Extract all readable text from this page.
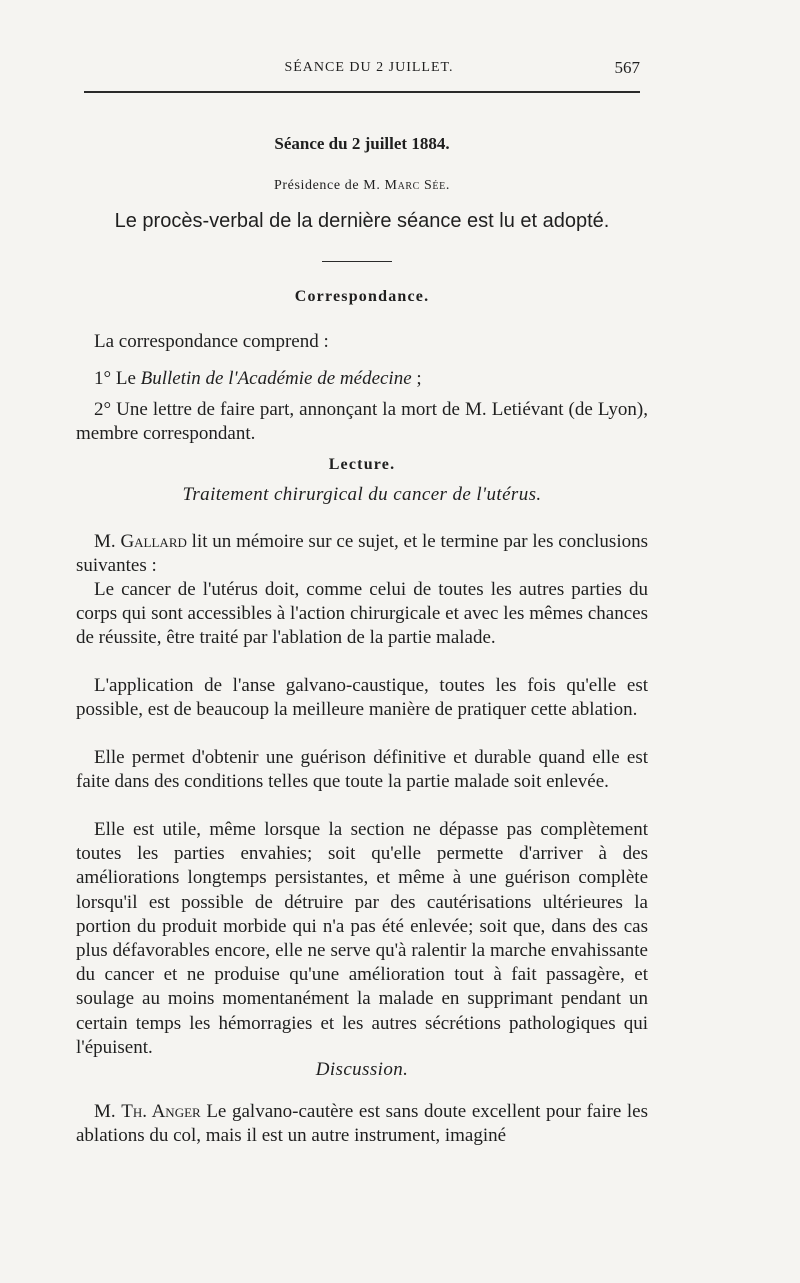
SÉANCE DU 2 JUILLET.	567
Séance du 2 juillet 1884.
Présidence de M. Marc Sée.
Le procès-verbal de la dernière séance est lu et adopté.
Correspondance.

La correspondance comprend :

1° Le Bulletin de l'Académie de médecine ;

2° Une lettre de faire part, annonçant la mort de M. Letiévant (de Lyon), membre correspondant.

Lecture.
Traitement chirurgical du cancer de l'utérus.

M. Gallard lit un mémoire sur ce sujet, et le termine par les conclusions suivantes :

Le cancer de l'utérus doit, comme celui de toutes les autres parties du corps qui sont accessibles à l'action chirurgicale et avec les mêmes chances de réussite, être traité par l'ablation de la partie malade.

L'application de l'anse galvano-caustique, toutes les fois qu'elle est possible, est de beaucoup la meilleure manière de pratiquer cette ablation.

Elle permet d'obtenir une guérison définitive et durable quand elle est faite dans des conditions telles que toute la partie malade soit enlevée.

Elle est utile, même lorsque la section ne dépasse pas complètement toutes les parties envahies; soit qu'elle permette d'arriver à des améliorations longtemps persistantes, et même à une guérison complète lorsqu'il est possible de détruire par des cautérisations ultérieures la portion du produit morbide qui n'a pas été enlevée; soit que, dans des cas plus défavorables encore, elle ne serve qu'à ralentir la marche envahissante du cancer et ne produise qu'une amélioration tout à fait passagère, et soulage au moins momentanément la malade en supprimant pendant un certain temps les hémorragies et les autres sécrétions pathologiques qui l'épuisent.

Discussion.

M. Th. Anger Le galvano-cautère est sans doute excellent pour faire les ablations du col, mais il est un autre instrument, imaginé
